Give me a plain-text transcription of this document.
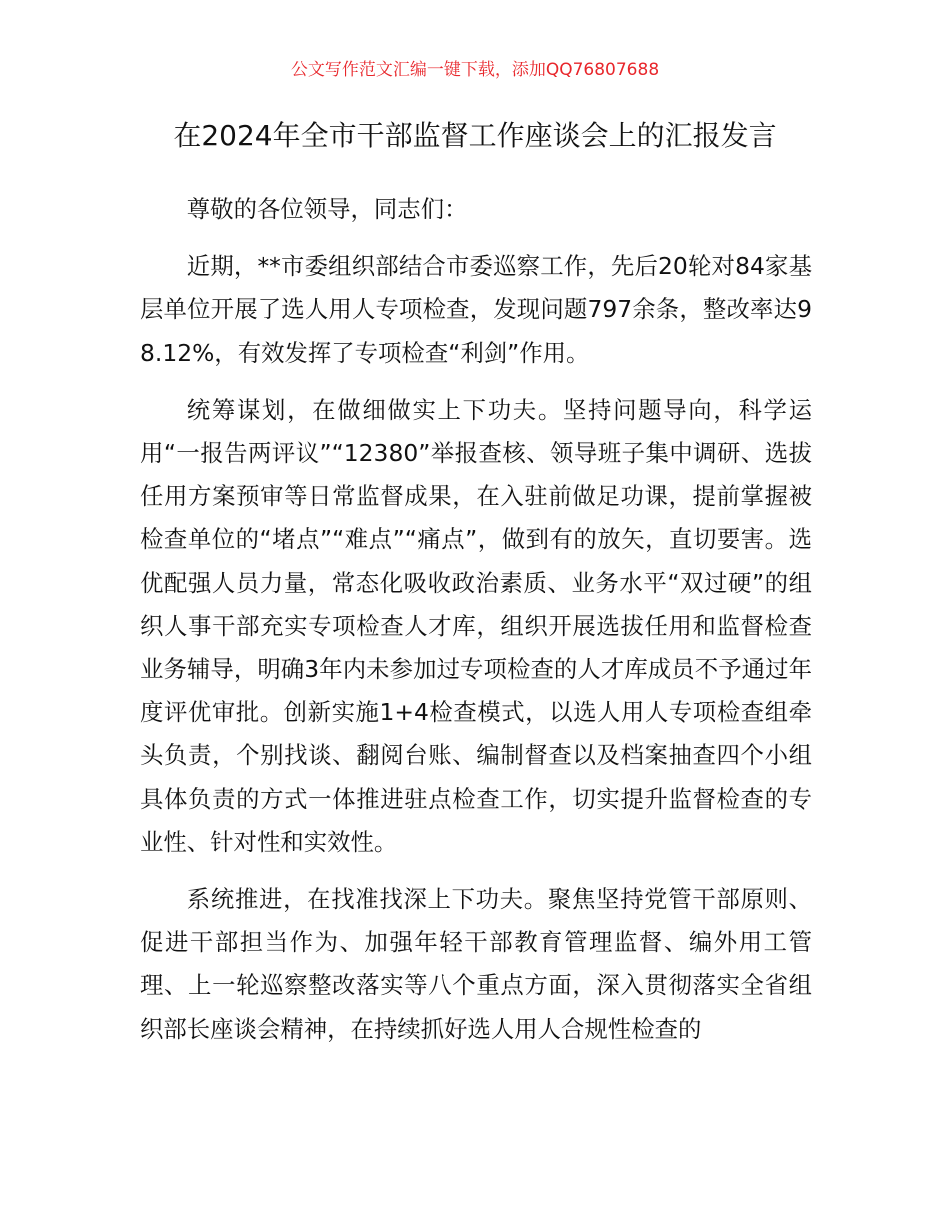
公文写作范文汇编一键下载，添加QQ76807688
在2024年全市干部监督工作座谈会上的汇报发言

尊敬的各位领导，同志们：

近期，**市委组织部结合市委巡察工作，先后20轮对84家基层单位开展了选人用人专项检查，发现问题797余条，整改率达98.12%，有效发挥了专项检查“利剑”作用。

统筹谋划，在做细做实上下功夫。坚持问题导向，科学运用“一报告两评议”“12380”举报查核、领导班子集中调研、选拔任用方案预审等日常监督成果，在入驻前做足功课，提前掌握被检查单位的“堵点”“难点”“痛点”，做到有的放矢，直切要害。选优配强人员力量，常态化吸收政治素质、业务水平“双过硬”的组织人事干部充实专项检查人才库，组织开展选拔任用和监督检查业务辅导，明确3年内未参加过专项检查的人才库成员不予通过年度评优审批。创新实施1+4检查模式，以选人用人专项检查组牵头负责，个别找谈、翻阅台账、编制督查以及档案抽查四个小组具体负责的方式一体推进驻点检查工作，切实提升监督检查的专业性、针对性和实效性。

系统推进，在找准找深上下功夫。聚焦坚持党管干部原则、促进干部担当作为、加强年轻干部教育管理监督、编外用工管理、上一轮巡察整改落实等八个重点方面，深入贯彻落实全省组织部长座谈会精神，在持续抓好选人用人合规性检查的
